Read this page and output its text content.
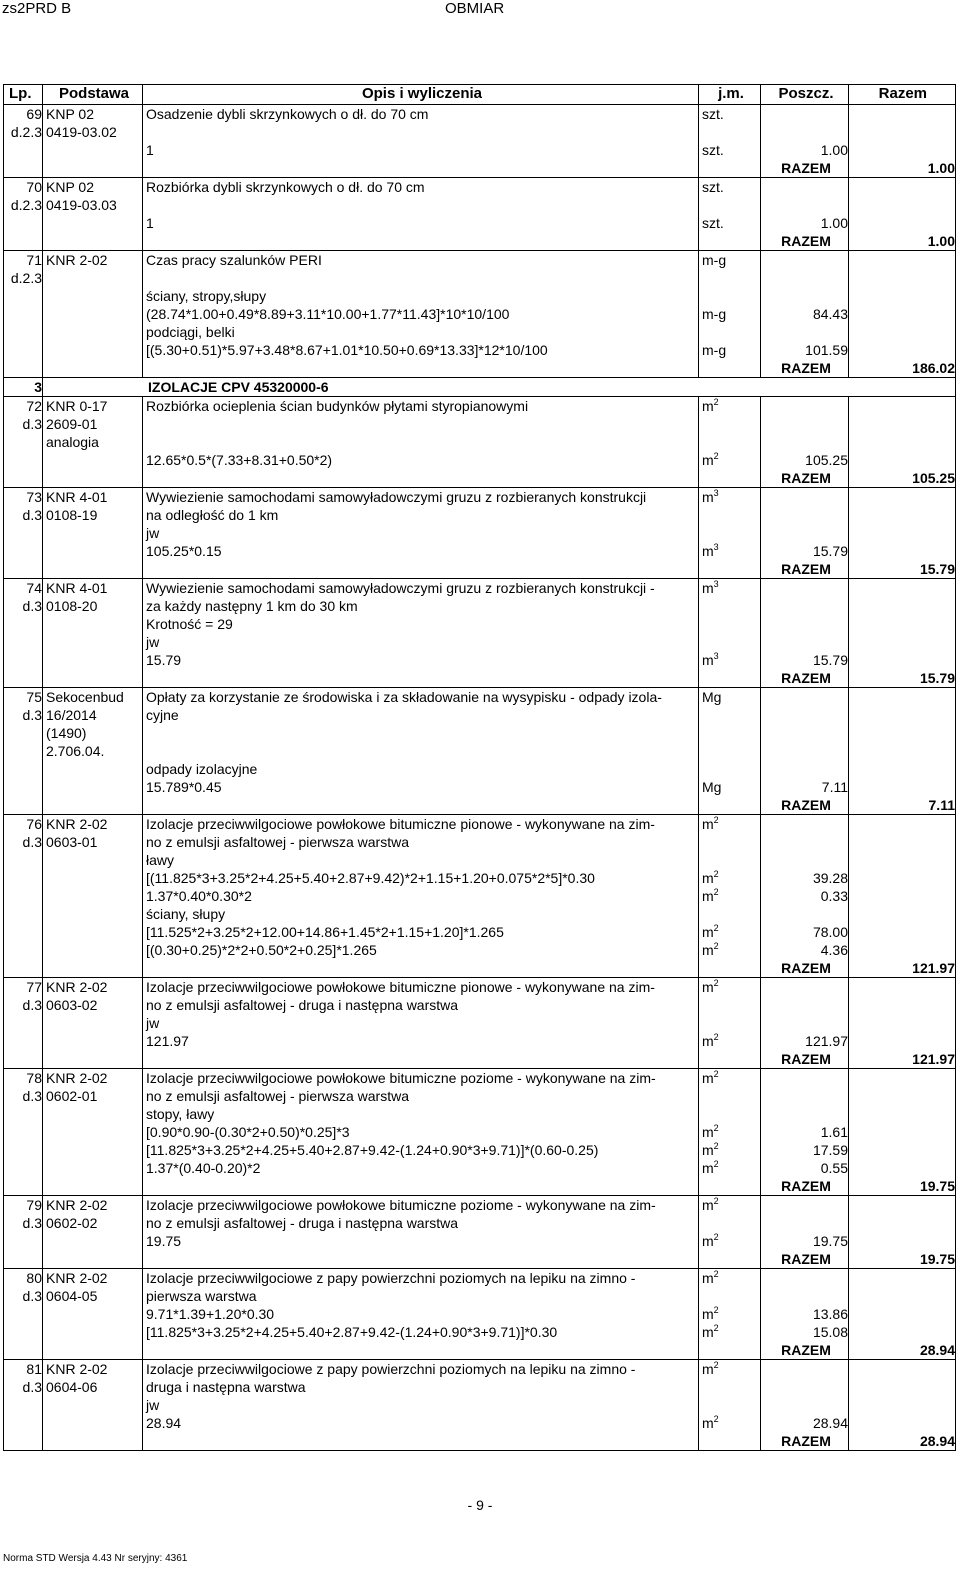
zs2PRD B	OBMIAR
Lp.	Podstawa	Opis i wyliczenia	j.m.	Poszcz.	Razem
69	KNP 02	Osadzenie dybli skrzynkowych o dł. do 70 cm	szt.		
d.2.3	0419-03.02				
		1	szt.	1.00	
				RAZEM	1.00
70	KNP 02	Rozbiórka dybli skrzynkowych o dł. do 70 cm	szt.		
d.2.3	0419-03.03				
		1	szt.	1.00	
				RAZEM	1.00
71	KNR 2-02	Czas pracy szalunków PERI	m-g		
d.2.3					
		ściany, stropy,słupy			
		(28.74*1.00+0.49*8.89+3.11*10.00+1.77*11.43]*10*10/100	m-g	84.43	
		podciągi, belki			
		[(5.30+0.51)*5.97+3.48*8.67+1.01*10.50+0.69*13.33]*12*10/100	m-g	101.59	
				RAZEM	186.02
3	IZOLACJE CPV 45320000-6				
72	KNR 0-17	Rozbiórka ocieplenia ścian budynków płytami styropianowymi	$m^2$		
d.3	2609-01				
	analogia				
		12.65*0.5*(7.33+8.31+0.50*2)	$m^2$	105.25	
				RAZEM	105.25
73	KNR 4-01	Wywiezienie samochodami samowyładowczymi gruzu z rozbieranych konstrukcji	$m^3$		
d.3	0108-19	na odległość do 1 km			
		jw			
		105.25*0.15	$m^3$	15.79	
				RAZEM	15.79
74	KNR 4-01	Wywiezienie samochodami samowyładowczymi gruzu z rozbieranych konstrukcji -	$m^3$		
d.3	0108-20	za każdy następny 1 km do 30 km			
		Krotność = 29			
		jw			
		15.79	$m^3$	15.79	
				RAZEM	15.79
75	Sekocenbud	Opłaty za korzystanie ze środowiska i za składowanie na wysypisku - odpady izola-	Mg		
d.3	16/2014	cyjne			
	(1490)				
	2.706.04.				
		odpady izolacyjne			
		15.789*0.45	Mg	7.11	
				RAZEM	7.11
76	KNR 2-02	Izolacje przeciwwilgociowe powłokowe bitumiczne pionowe - wykonywane na zim-	$m^2$		
d.3	0603-01	no z emulsji asfaltowej - pierwsza warstwa			
		ławy			
		[(11.825*3+3.25*2+4.25+5.40+2.87+9.42)*2+1.15+1.20+0.075*2*5]*0.30	$m^2$	39.28	
		1.37*0.40*0.30*2	$m^2$	0.33	
		ściany, słupy			
		[11.525*2+3.25*2+12.00+14.86+1.45*2+1.15+1.20]*1.265	$m^2$	78.00	
		[(0.30+0.25)*2*2+0.50*2+0.25]*1.265	$m^2$	4.36	
				RAZEM	121.97
77	KNR 2-02	Izolacje przeciwwilgociowe powłokowe bitumiczne pionowe - wykonywane na zim-	$m^2$		
d.3	0603-02	no z emulsji asfaltowej - druga i następna warstwa			
		jw			
		121.97	$m^2$	121.97	
				RAZEM	121.97
78	KNR 2-02	Izolacje przeciwwilgociowe powłokowe bitumiczne poziome - wykonywane na zim-	$m^2$		
d.3	0602-01	no z emulsji asfaltowej - pierwsza warstwa			
		stopy, ławy			
		[0.90*0.90-(0.30*2+0.50)*0.25]*3	$m^2$	1.61	
		[11.825*3+3.25*2+4.25+5.40+2.87+9.42-(1.24+0.90*3+9.71)]*(0.60-0.25)	$m^2$	17.59	
		1.37*(0.40-0.20)*2	$m^2$	0.55	
				RAZEM	19.75
79	KNR 2-02	Izolacje przeciwwilgociowe powłokowe bitumiczne poziome - wykonywane na zim-	$m^2$		
d.3	0602-02	no z emulsji asfaltowej - druga i następna warstwa			
		19.75	$m^2$	19.75	
				RAZEM	19.75
80	KNR 2-02	Izolacje przeciwwilgociowe z papy powierzchni poziomych na lepiku na zimno -	$m^2$		
d.3	0604-05	pierwsza warstwa			
		9.71*1.39+1.20*0.30	$m^2$	13.86	
		[11.825*3+3.25*2+4.25+5.40+2.87+9.42-(1.24+0.90*3+9.71)]*0.30	$m^2$	15.08	
				RAZEM	28.94
81	KNR 2-02	Izolacje przeciwwilgociowe z papy powierzchni poziomych na lepiku na zimno -	$m^2$		
d.3	0604-06	druga i następna warstwa			
		jw			
		28.94	$m^2$	28.94	
				RAZEM	28.94
- 9 -
Norma STD Wersja 4.43 Nr seryjny: 4361
